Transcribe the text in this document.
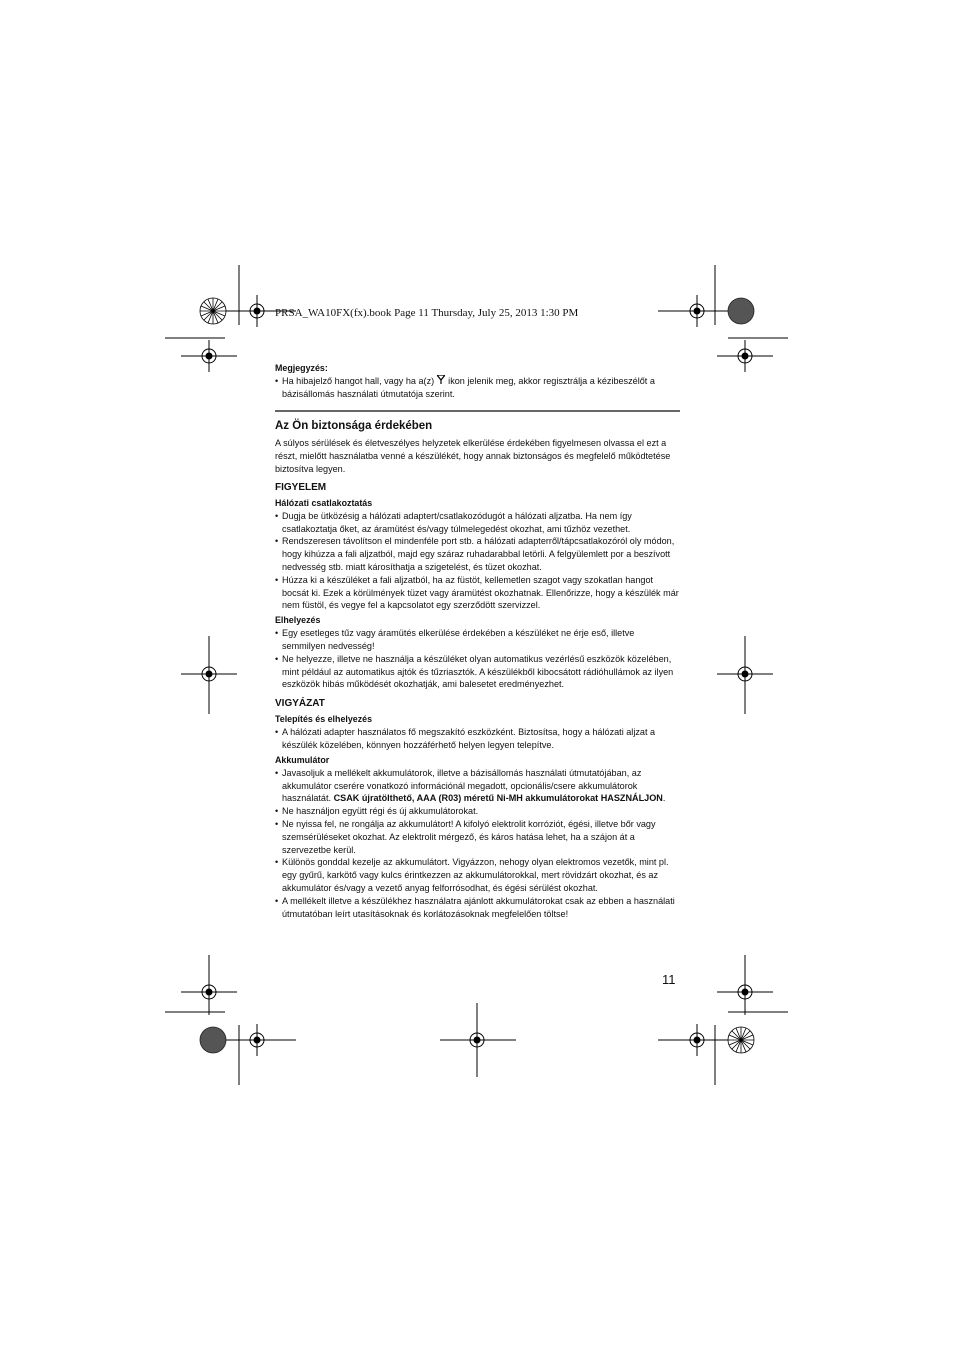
PRSA_WA10FX(fx).book Page 11 Thursday, July 25, 2013 1:30 PM
Megjegyzés:
• Ha hibajelző hangot hall, vagy ha a(z) ikon jelenik meg, akkor regisztrálja a kézibeszélőt a bázisállomás használati útmutatója szerint.
Az Ön biztonsága érdekében
A súlyos sérülések és életveszélyes helyzetek elkerülése érdekében figyelmesen olvassa el ezt a részt, mielőtt használatba venné a készülékét, hogy annak biztonságos és megfelelő működtetése biztosítva legyen.
FIGYELEM
Hálózati csatlakoztatás
• Dugja be ütközésig a hálózati adaptert/csatlakozódugót a hálózati aljzatba. Ha nem így csatlakoztatja őket, az áramütést és/vagy túlmelegedést okozhat, ami tűzhöz vezethet.
• Rendszeresen távolítson el mindenféle port stb. a hálózati adapterről/tápcsatlakozóról oly módon, hogy kihúzza a fali aljzatból, majd egy száraz ruhadarabbal letörli. A felgyülemlett por a beszívott nedvesség stb. miatt károsíthatja a szigetelést, és tüzet okozhat.
• Húzza ki a készüléket a fali aljzatból, ha az füstöt, kellemetlen szagot vagy szokatlan hangot bocsát ki. Ezek a körülmények tüzet vagy áramütést okozhatnak. Ellenőrizze, hogy a készülék már nem füstöl, és vegye fel a kapcsolatot egy szerződött szervizzel.
Elhelyezés
• Egy esetleges tűz vagy áramütés elkerülése érdekében a készüléket ne érje eső, illetve semmilyen nedvesség!
• Ne helyezze, illetve ne használja a készüléket olyan automatikus vezérlésű eszközök közelében, mint például az automatikus ajtók és tűzriasztók. A készülékből kibocsátott rádióhullámok az ilyen eszközök hibás működését okozhatják, ami balesetet eredményezhet.
VIGYÁZAT
Telepítés és elhelyezés
• A hálózati adapter használatos fő megszakító eszközként. Biztosítsa, hogy a hálózati aljzat a készülék közelében, könnyen hozzáférhető helyen legyen telepítve.
Akkumulátor
• Javasoljuk a mellékelt akkumulátorok, illetve a bázisállomás használati útmutatójában, az akkumulátor cserére vonatkozó információnál megadott, opcionális/csere akkumulátorok használatát. CSAK újratölthető, AAA (R03) méretű Ni-MH akkumulátorokat HASZNÁLJON.
• Ne használjon együtt régi és új akkumulátorokat.
• Ne nyissa fel, ne rongálja az akkumulátort! A kifolyó elektrolit korróziót, égési, illetve bőr vagy szemsérüléseket okozhat. Az elektrolit mérgező, és káros hatása lehet, ha a szájon át a szervezetbe kerül.
• Különös gonddal kezelje az akkumulátort. Vigyázzon, nehogy olyan elektromos vezetők, mint pl. egy gyűrű, karkötő vagy kulcs érintkezzen az akkumulátorokkal, mert rövidzárt okozhat, és az akkumulátor és/vagy a vezető anyag felforrósodhat, és égési sérülést okozhat.
• A mellékelt illetve a készülékhez használatra ajánlott akkumulátorokat csak az ebben a használati útmutatóban leírt utasításoknak és korlátozásoknak megfelelően töltse!
11
